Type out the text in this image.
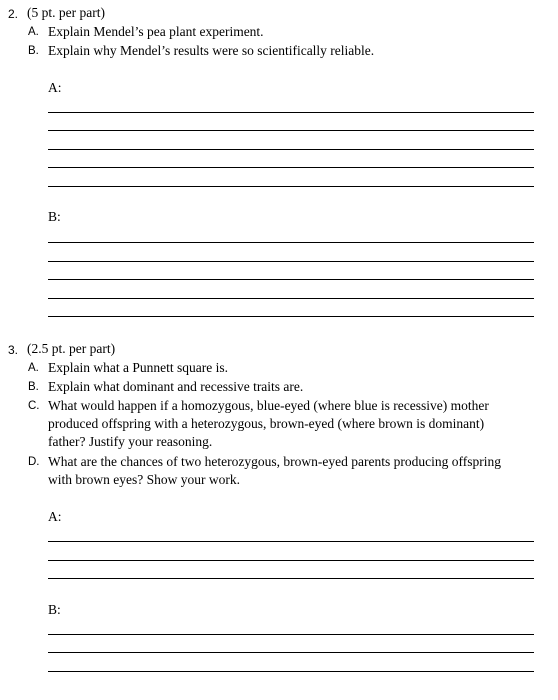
2. (5 pt. per part)
A. Explain Mendel’s pea plant experiment.
B. Explain why Mendel’s results were so scientifically reliable.
A:
B:
3. (2.5 pt. per part)
A. Explain what a Punnett square is.
B. Explain what dominant and recessive traits are.
C. What would happen if a homozygous, blue-eyed (where blue is recessive) mother
produced offspring with a heterozygous, brown-eyed (where brown is dominant)
father? Justify your reasoning.
D. What are the chances of two heterozygous, brown-eyed parents producing offspring
with brown eyes? Show your work.
A:
B:
